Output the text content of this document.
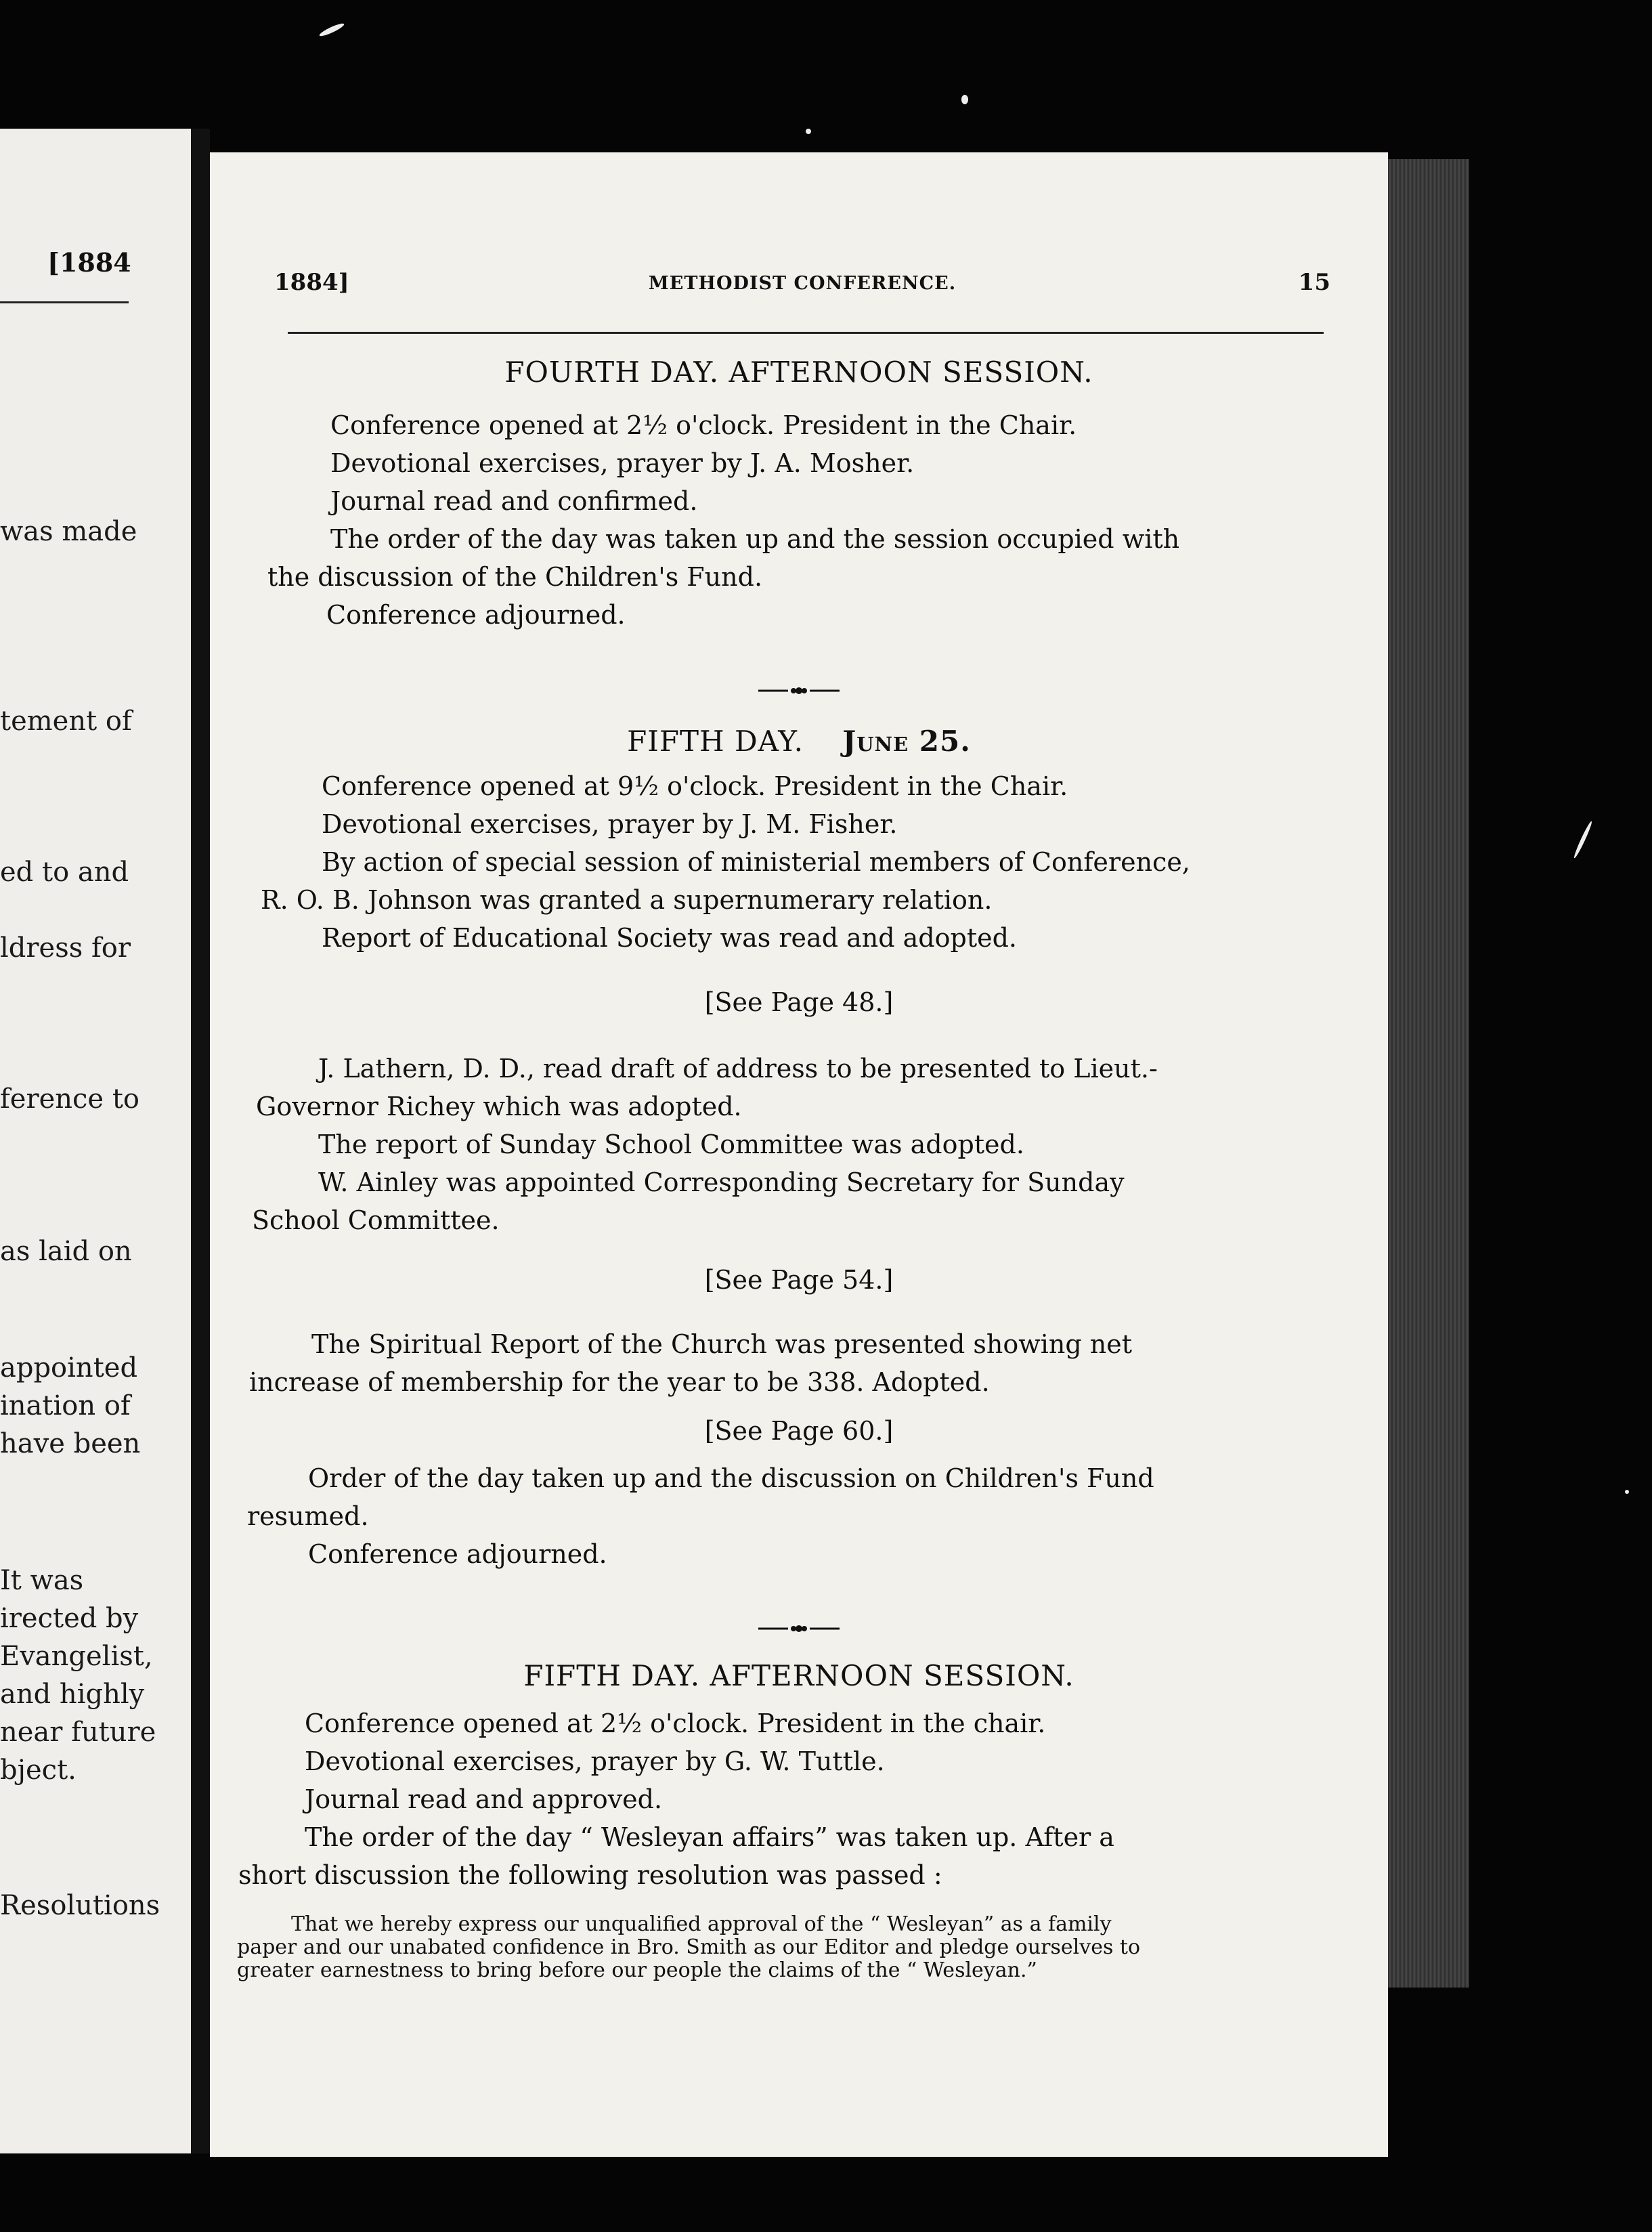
[1884
was made
tement of
ed to and
ldress for
ference to
as laid on
appointed
ination of
have been
It was
irected by
Evangelist,
and highly
near future
bject.
Resolutions
1884]	METHODIST CONFERENCE.	15
FOURTH DAY. AFTERNOON SESSION.
Conference opened at 2½ o'clock. President in the Chair.
Devotional exercises, prayer by J. A. Mosher.
Journal read and confirmed.
The order of the day was taken up and the session occupied with
the discussion of the Children's Fund.
Conference adjourned.
FIFTH DAY. June 25.
Conference opened at 9½ o'clock. President in the Chair.
Devotional exercises, prayer by J. M. Fisher.
By action of special session of ministerial members of Conference,
R. O. B. Johnson was granted a supernumerary relation.
Report of Educational Society was read and adopted.
[See Page 48.]
J. Lathern, D. D., read draft of address to be presented to Lieut.-
Governor Richey which was adopted.
The report of Sunday School Committee was adopted.
W. Ainley was appointed Corresponding Secretary for Sunday
School Committee.
[See Page 54.]
The Spiritual Report of the Church was presented showing net
increase of membership for the year to be 338. Adopted.
[See Page 60.]
Order of the day taken up and the discussion on Children's Fund
resumed.
Conference adjourned.
FIFTH DAY. AFTERNOON SESSION.
Conference opened at 2½ o'clock. President in the chair.
Devotional exercises, prayer by G. W. Tuttle.
Journal read and approved.
The order of the day “ Wesleyan affairs” was taken up. After a
short discussion the following resolution was passed :
That we hereby express our unqualified approval of the “ Wesleyan” as a family
paper and our unabated confidence in Bro. Smith as our Editor and pledge ourselves to
greater earnestness to bring before our people the claims of the “ Wesleyan.”
